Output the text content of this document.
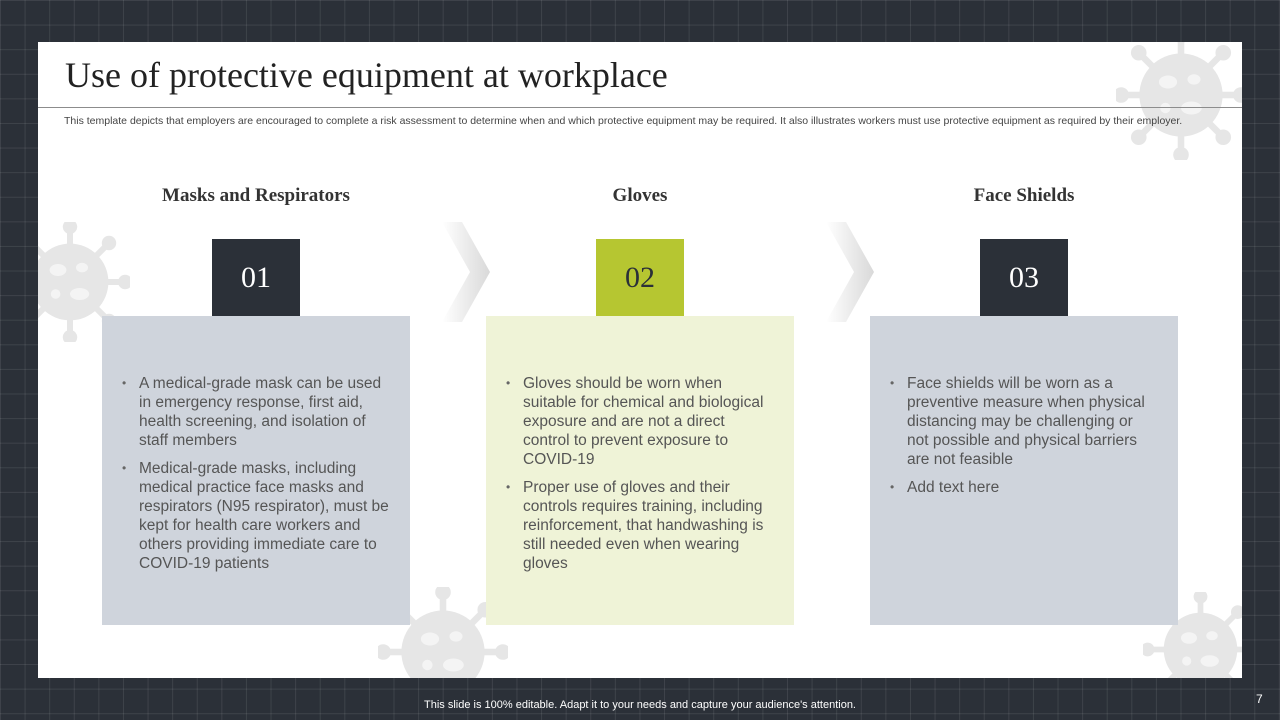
Use of protective equipment at workplace

This template depicts that employers are encouraged to complete a risk assessment to determine when and which protective equipment may be required. It also illustrates workers must use protective equipment as required by their employer.

Masks and Respirators
01
• A medical-grade mask can be used in emergency response, first aid, health screening, and isolation of staff members
• Medical-grade masks, including medical practice face masks and respirators (N95 respirator), must be kept for health care workers and others providing immediate care to COVID-19 patients
Gloves
02
• Gloves should be worn when suitable for chemical and biological exposure and are not a direct control to prevent exposure to COVID-19
• Proper use of gloves and their controls requires training, including reinforcement, that handwashing is still needed even when wearing gloves
Face Shields
03
• Face shields will be worn as a preventive measure when physical distancing may be challenging or not possible and physical barriers are not feasible
• Add text here
This slide is 100% editable. Adapt it to your needs and capture your audience's attention.	7
